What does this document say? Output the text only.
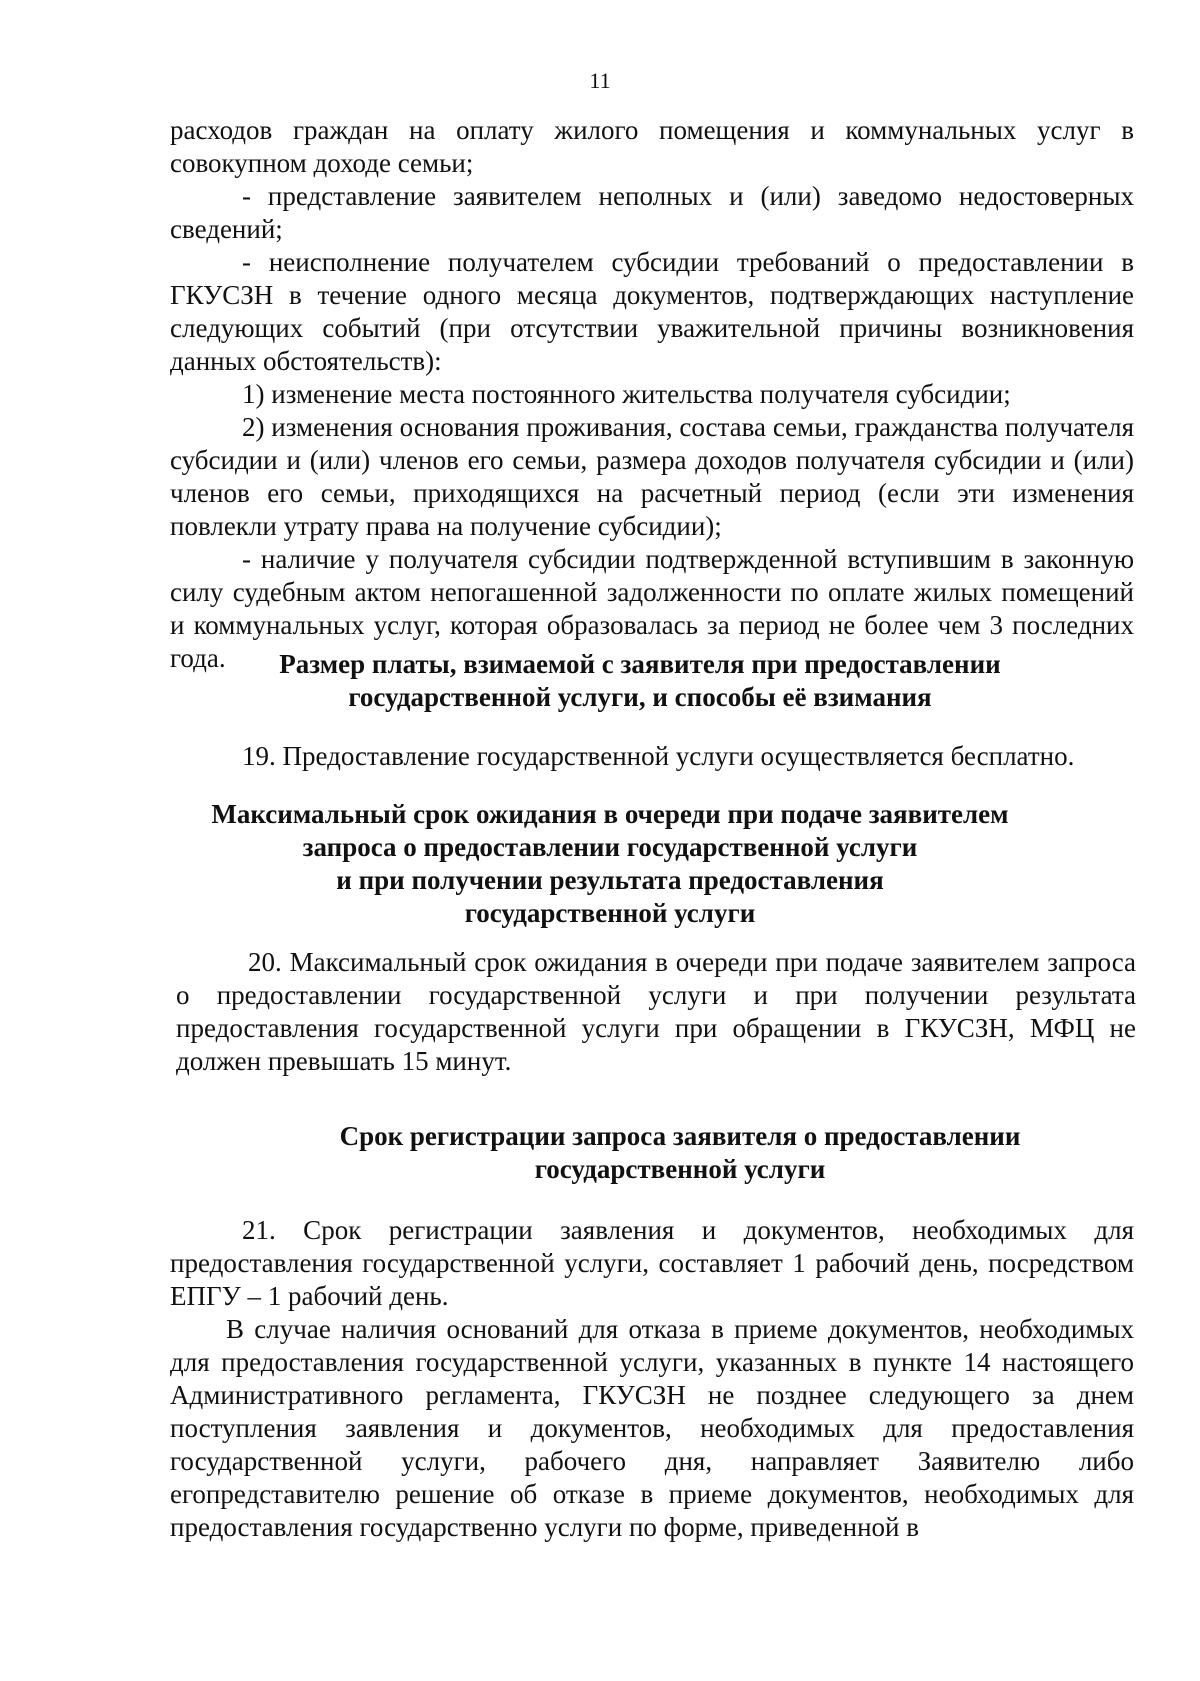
11

расходов граждан на оплату жилого помещения и коммунальных услуг в совокупном доходе семьи;

- представление заявителем неполных и (или) заведомо недостоверных сведений;

- неисполнение получателем субсидии требований о предоставлении в ГКУСЗН в течение одного месяца документов, подтверждающих наступление следующих событий (при отсутствии уважительной причины возникновения данных обстоятельств):

1) изменение места постоянного жительства получателя субсидии;

2) изменения основания проживания, состава семьи, гражданства получателя субсидии и (или) членов его семьи, размера доходов получателя субсидии и (или) членов его семьи, приходящихся на расчетный период (если эти изменения повлекли утрату права на получение субсидии);

- наличие у получателя субсидии подтвержденной вступившим в законную силу судебным актом непогашенной задолженности по оплате жилых помещений и коммунальных услуг, которая образовалась за период не более чем 3 последних года.	Размер платы, взимаемой с заявителя при предоставлении

государственной услуги, и способы её взимания

19. Предоставление государственной услуги осуществляется бесплатно.

Максимальный срок ожидания в очереди при подаче заявителем

запроса о предоставлении государственной услуги

и при получении результата предоставления

государственной услуги

20. Максимальный срок ожидания в очереди при подаче заявителем запроса о предоставлении государственной услуги и при получении результата предоставления государственной услуги при обращении в ГКУСЗН, МФЦ не должен превышать 15 минут.

Срок регистрации запроса заявителя о предоставлении

государственной услуги

21. Срок регистрации заявления и документов, необходимых для предоставления государственной услуги, составляет 1 рабочий день, посредством ЕПГУ – 1 рабочий день.

В случае наличия оснований для отказа в приеме документов, необходимых для предоставления государственной услуги, указанных в пункте 14 настоящего Административного регламента, ГКУСЗН не позднее следующего за днем поступления заявления и документов, необходимых для предоставления государственной услуги, рабочего дня, направляет Заявителю либо егопредставителю решение об отказе в приеме документов, необходимых для предоставления государственно услуги по форме, приведенной в
